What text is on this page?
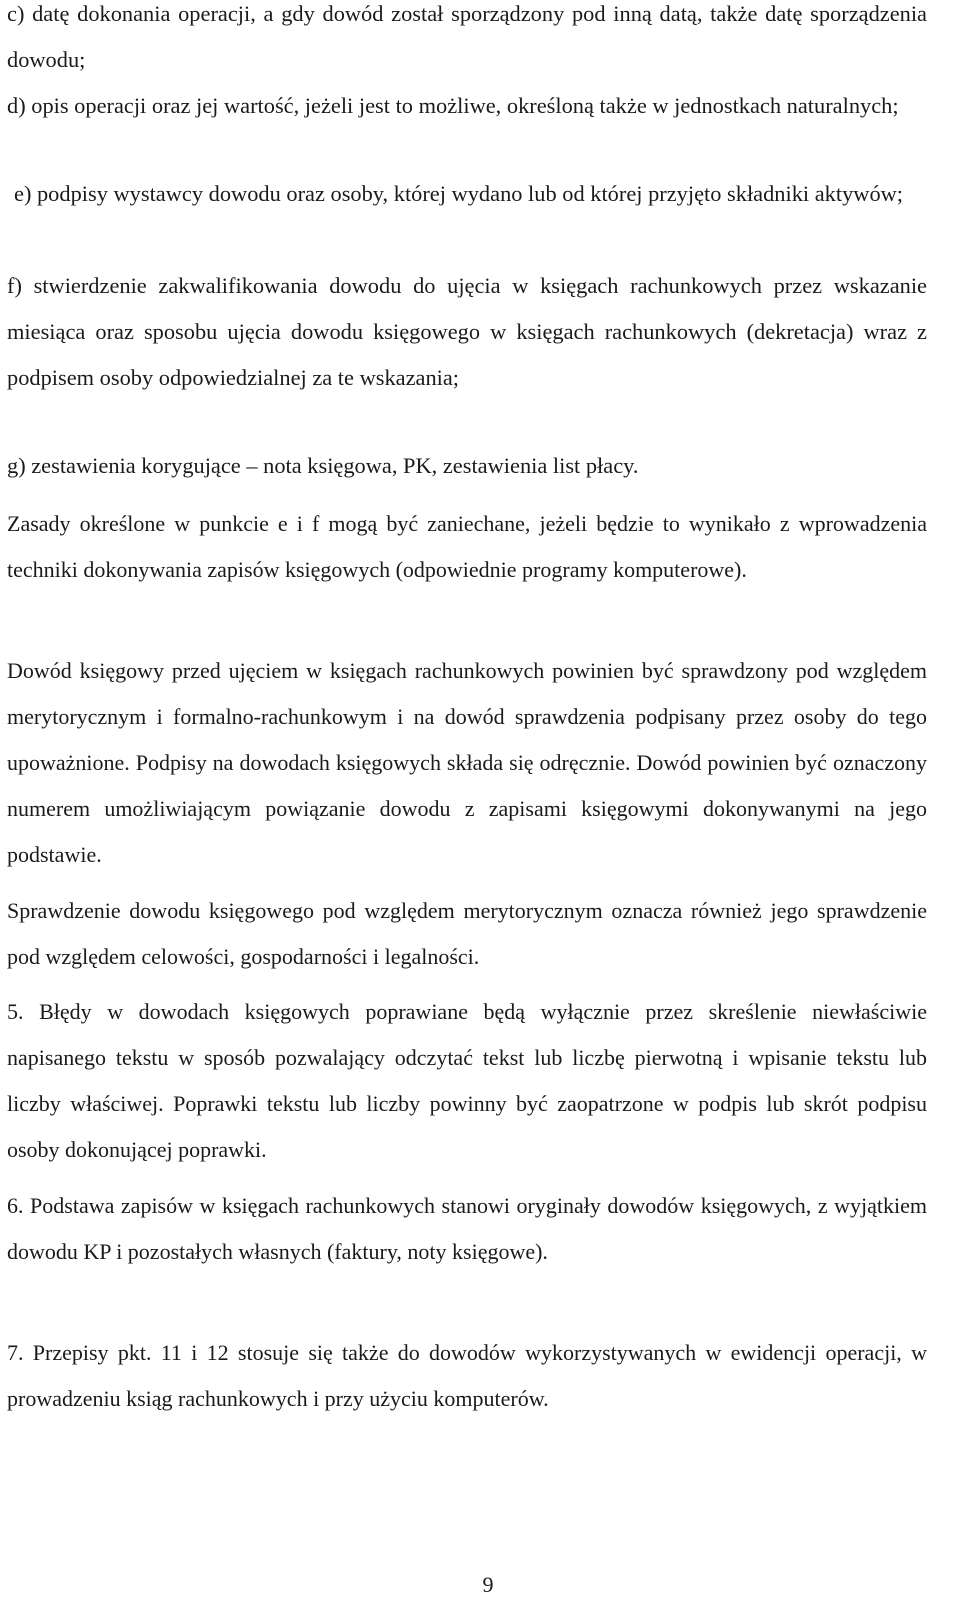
c) datę dokonania operacji, a gdy dowód został sporządzony pod inną datą, także datę sporządzenia dowodu;
d) opis operacji oraz jej wartość, jeżeli jest to możliwe, określoną także w jednostkach naturalnych;
e) podpisy wystawcy dowodu oraz osoby, której wydano lub od której przyjęto składniki aktywów;
f) stwierdzenie zakwalifikowania dowodu do ujęcia w księgach rachunkowych przez wskazanie miesiąca oraz sposobu ujęcia dowodu księgowego w księgach rachunkowych (dekretacja) wraz z podpisem osoby odpowiedzialnej za te wskazania;
g) zestawienia korygujące – nota księgowa, PK, zestawienia list płacy.
Zasady określone w punkcie e i f mogą być zaniechane, jeżeli będzie to wynikało z wprowadzenia techniki dokonywania zapisów księgowych (odpowiednie programy komputerowe).
Dowód księgowy przed ujęciem w księgach rachunkowych powinien być sprawdzony pod względem merytorycznym i formalno-rachunkowym i na dowód sprawdzenia podpisany przez osoby do tego upoważnione. Podpisy na dowodach księgowych składa się odręcznie. Dowód powinien być oznaczony numerem umożliwiającym powiązanie dowodu z zapisami księgowymi dokonywanymi na jego podstawie.
Sprawdzenie dowodu księgowego pod względem merytorycznym oznacza również jego sprawdzenie pod względem celowości, gospodarności i legalności.
5. Błędy w dowodach księgowych poprawiane będą wyłącznie przez skreślenie niewłaściwie napisanego tekstu w sposób pozwalający odczytać tekst lub liczbę pierwotną i wpisanie tekstu lub liczby właściwej. Poprawki tekstu lub liczby powinny być zaopatrzone w podpis lub skrót podpisu osoby dokonującej poprawki.
6. Podstawa zapisów w księgach rachunkowych stanowi oryginały dowodów księgowych, z wyjątkiem dowodu KP i pozostałych własnych (faktury, noty księgowe).
7. Przepisy pkt. 11 i 12 stosuje się także do dowodów wykorzystywanych w ewidencji operacji, w prowadzeniu ksiąg rachunkowych i przy użyciu komputerów.
9
